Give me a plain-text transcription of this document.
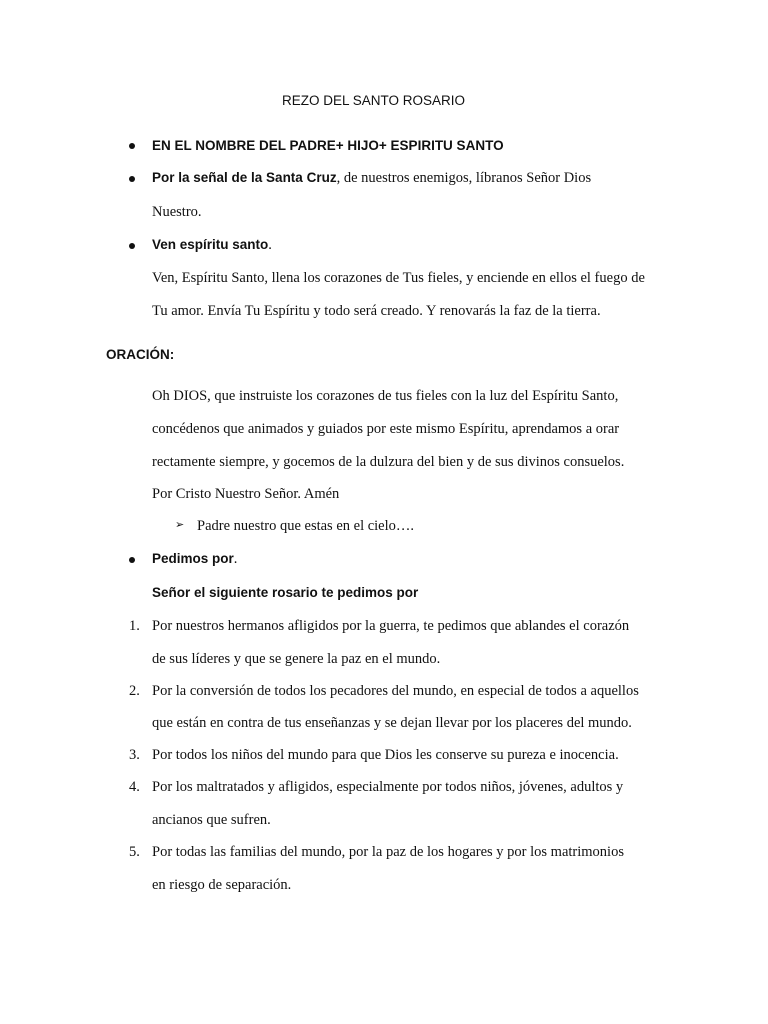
REZO DEL SANTO ROSARIO
EN EL NOMBRE DEL PADRE+ HIJO+ ESPIRITU SANTO
Por la señal de la Santa Cruz, de nuestros enemigos, líbranos Señor Dios
Nuestro.
Ven espíritu santo.
Ven, Espíritu Santo, llena los corazones de Tus fieles, y enciende en ellos el fuego de
Tu amor. Envía Tu Espíritu y todo será creado. Y renovarás la faz de la tierra.
ORACIÓN:
Oh DIOS, que instruiste los corazones de tus fieles con la luz del Espíritu Santo,
concédenos que animados y guiados por este mismo Espíritu, aprendamos a orar
rectamente siempre, y gocemos de la dulzura del bien y de sus divinos consuelos.
Por Cristo Nuestro Señor. Amén
➢ Padre nuestro que estas en el cielo….
Pedimos por.
Señor el siguiente rosario te pedimos por
1. Por nuestros hermanos afligidos por la guerra, te pedimos que ablandes el corazón
de sus líderes y que se genere la paz en el mundo.
2. Por la conversión de todos los pecadores del mundo, en especial de todos a aquellos
que están en contra de tus enseñanzas y se dejan llevar por los placeres del mundo.
3. Por todos los niños del mundo para que Dios les conserve su pureza e inocencia.
4. Por los maltratados y afligidos, especialmente por todos niños, jóvenes, adultos y
ancianos que sufren.
5. Por todas las familias del mundo, por la paz de los hogares y por los matrimonios
en riesgo de separación.
